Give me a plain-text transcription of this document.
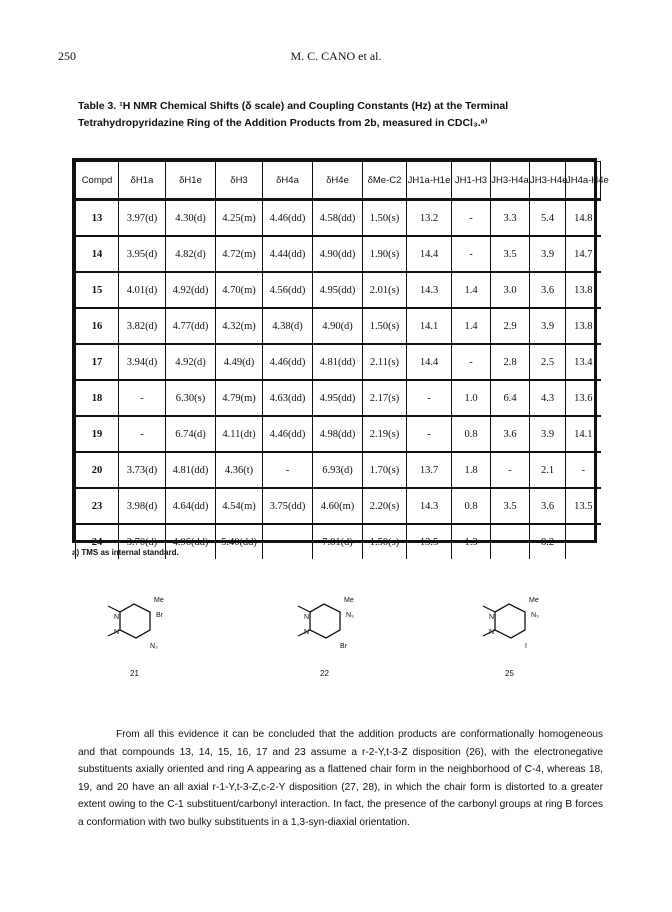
250	M. C. CANO et al.
Table 3. ¹H NMR Chemical Shifts (δ scale) and Coupling Constants (Hz) at the Terminal Tetrahydropyridazine Ring of the Addition Products from 2b, measured in CDCl₃.ᵃ⁾
Compd	δH1a	δH1e	δH3	δH4a	δH4e	δMe-C2	JH1a-H1e	JH1-H3	JH3-H4a	JH3-H4e	JH4a-H4e
13	3.97(d)	4.30(d)	4.25(m)	4.46(dd)	4.58(dd)	1.50(s)	13.2	-	3.3	5.4	14.8
14	3.95(d)	4.82(d)	4.72(m)	4.44(dd)	4.90(dd)	1.90(s)	14.4	-	3.5	3.9	14.7
15	4.01(d)	4.92(dd)	4.70(m)	4.56(dd)	4.95(dd)	2.01(s)	14.3	1.4	3.0	3.6	13.8
16	3.82(d)	4.77(dd)	4.32(m)	4.38(d)	4.90(d)	1.50(s)	14.1	1.4	2.9	3.9	13.8
17	3.94(d)	4.92(d)	4.49(d)	4.46(dd)	4.81(dd)	2.11(s)	14.4	-	2.8	2.5	13.4
18	-	6.30(s)	4.79(m)	4.63(dd)	4.95(dd)	2.17(s)	-	1.0	6.4	4.3	13.6
19	-	6.74(d)	4.11(dt)	4.46(dd)	4.98(dd)	2.19(s)	-	0.8	3.6	3.9	14.1
20	3.73(d)	4.81(dd)	4.36(t)	-	6.93(d)	1.70(s)	13.7	1.8	-	2.1	-
23	3.98(d)	4.64(dd)	4.54(m)	3.75(dd)	4.60(m)	2.20(s)	14.3	0.8	3.5	3.6	13.5
24	3.70(d)	4.96(dd)	5.40(dd)	-	7.81(d)	1.50(s)	13.5	1.3	-	8.2	-
a) TMS as internal standard.
N
N
Me
Br
N₃
21
N
N
Me
N₃
Br
22
N
N
Me
N₃
I
25

From all this evidence it can be concluded that the addition products are conformationally homogeneous and that compounds 13, 14, 15, 16, 17 and 23 assume a r-2-Y,t-3-Z disposition (26), with the electronegative substituents axially oriented and ring A appearing as a flattened chair form in the neighborhood of C-4, whereas 18, 19, and 20 have an all axial r-1-Y,t-3-Z,c-2-Y disposition (27, 28), in which the chair form is distorted to a greater extent owing to the C-1 substituent/carbonyl interaction. In fact, the presence of the carbonyl groups at ring B forces a conformation with two bulky substituents in a 1,3-syn-diaxial orientation.
